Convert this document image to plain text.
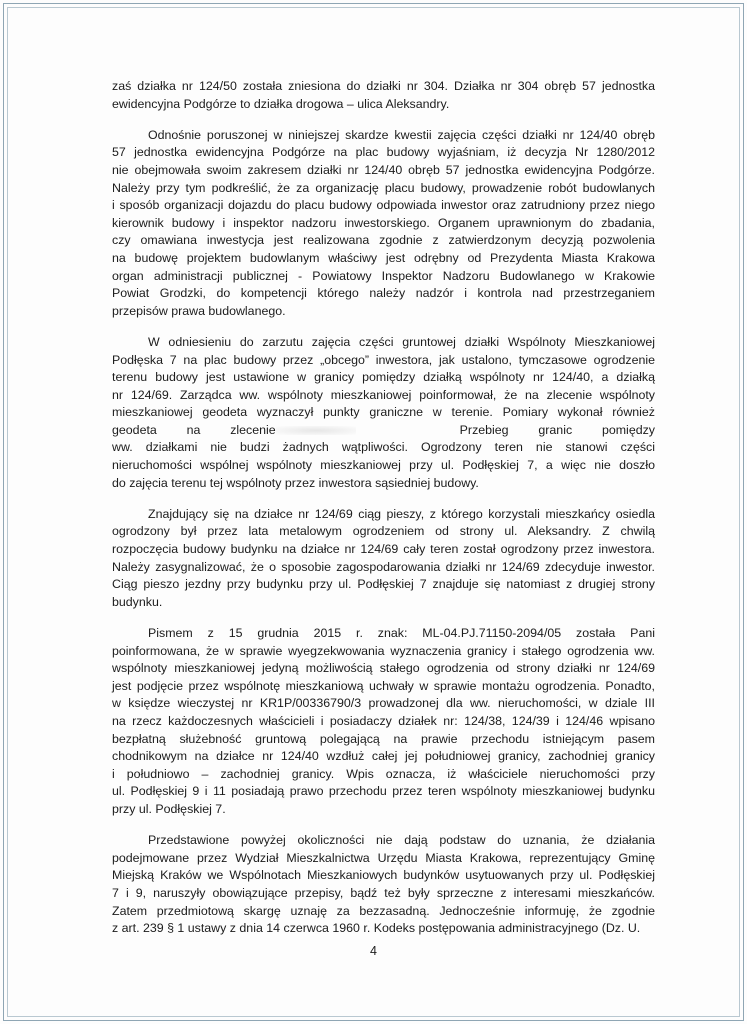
zaś działka nr 124/50 została zniesiona do działki nr 304. Działka nr 304 obręb 57 jednostka
ewidencyjna Podgórze to działka drogowa – ulica Aleksandry.

Odnośnie poruszonej w niniejszej skardze kwestii zajęcia części działki nr 124/40 obręb
57 jednostka ewidencyjna Podgórze na plac budowy wyjaśniam, iż decyzja Nr 1280/2012
nie obejmowała swoim zakresem działki nr 124/40 obręb 57 jednostka ewidencyjna Podgórze.
Należy przy tym podkreślić, że za organizację placu budowy, prowadzenie robót budowlanych
i sposób organizacji dojazdu do placu budowy odpowiada inwestor oraz zatrudniony przez niego
kierownik budowy i inspektor nadzoru inwestorskiego. Organem uprawnionym do zbadania,
czy omawiana inwestycja jest realizowana zgodnie z zatwierdzonym decyzją pozwolenia
na budowę projektem budowlanym właściwy jest odrębny od Prezydenta Miasta Krakowa
organ administracji publicznej - Powiatowy Inspektor Nadzoru Budowlanego w Krakowie
Powiat Grodzki, do kompetencji którego należy nadzór i kontrola nad przestrzeganiem
przepisów prawa budowlanego.

W odniesieniu do zarzutu zajęcia części gruntowej działki Wspólnoty Mieszkaniowej
Podłęska 7 na plac budowy przez „obcego” inwestora, jak ustalono, tymczasowe ogrodzenie
terenu budowy jest ustawione w granicy pomiędzy działką wspólnoty nr 124/40, a działką
nr 124/69. Zarządca ww. wspólnoty mieszkaniowej poinformował, że na zlecenie wspólnoty
mieszkaniowej geodeta wyznaczył punkty graniczne w terenie. Pomiary wykonał również
geodeta na zlecenie	Przebieg granic pomiędzy
ww. działkami nie budzi żadnych wątpliwości. Ogrodzony teren nie stanowi części
nieruchomości wspólnej wspólnoty mieszkaniowej przy ul. Podłęskiej 7, a więc nie doszło
do zajęcia terenu tej wspólnoty przez inwestora sąsiedniej budowy.

Znajdujący się na działce nr 124/69 ciąg pieszy, z którego korzystali mieszkańcy osiedla
ogrodzony był przez lata metalowym ogrodzeniem od strony ul. Aleksandry. Z chwilą
rozpoczęcia budowy budynku na działce nr 124/69 cały teren został ogrodzony przez inwestora.
Należy zasygnalizować, że o sposobie zagospodarowania działki nr 124/69 zdecyduje inwestor.
Ciąg pieszo jezdny przy budynku przy ul. Podłęskiej 7 znajduje się natomiast z drugiej strony
budynku.

Pismem z 15 grudnia 2015 r. znak: ML-04.PJ.71150-2094/05 została Pani
poinformowana, że w sprawie wyegzekwowania wyznaczenia granicy i stałego ogrodzenia ww.
wspólnoty mieszkaniowej jedyną możliwością stałego ogrodzenia od strony działki nr 124/69
jest podjęcie przez wspólnotę mieszkaniową uchwały w sprawie montażu ogrodzenia. Ponadto,
w księdze wieczystej nr KR1P/00336790/3 prowadzonej dla ww. nieruchomości, w dziale III
na rzecz każdoczesnych właścicieli i posiadaczy działek nr: 124/38, 124/39 i 124/46 wpisano
bezpłatną służebność gruntową polegającą na prawie przechodu istniejącym pasem
chodnikowym na działce nr 124/40 wzdłuż całej jej południowej granicy, zachodniej granicy
i południowo – zachodniej granicy. Wpis oznacza, iż właściciele nieruchomości przy
ul. Podłęskiej 9 i 11 posiadają prawo przechodu przez teren wspólnoty mieszkaniowej budynku
przy ul. Podłęskiej 7.

Przedstawione powyżej okoliczności nie dają podstaw do uznania, że działania
podejmowane przez Wydział Mieszkalnictwa Urzędu Miasta Krakowa, reprezentujący Gminę
Miejską Kraków we Wspólnotach Mieszkaniowych budynków usytuowanych przy ul. Podłęskiej
7 i 9, naruszyły obowiązujące przepisy, bądź też były sprzeczne z interesami mieszkańców.
Zatem przedmiotową skargę uznaję za bezzasadną. Jednocześnie informuję, że zgodnie
z art. 239 § 1 ustawy z dnia 14 czerwca 1960 r. Kodeks postępowania administracyjnego (Dz. U.

4
